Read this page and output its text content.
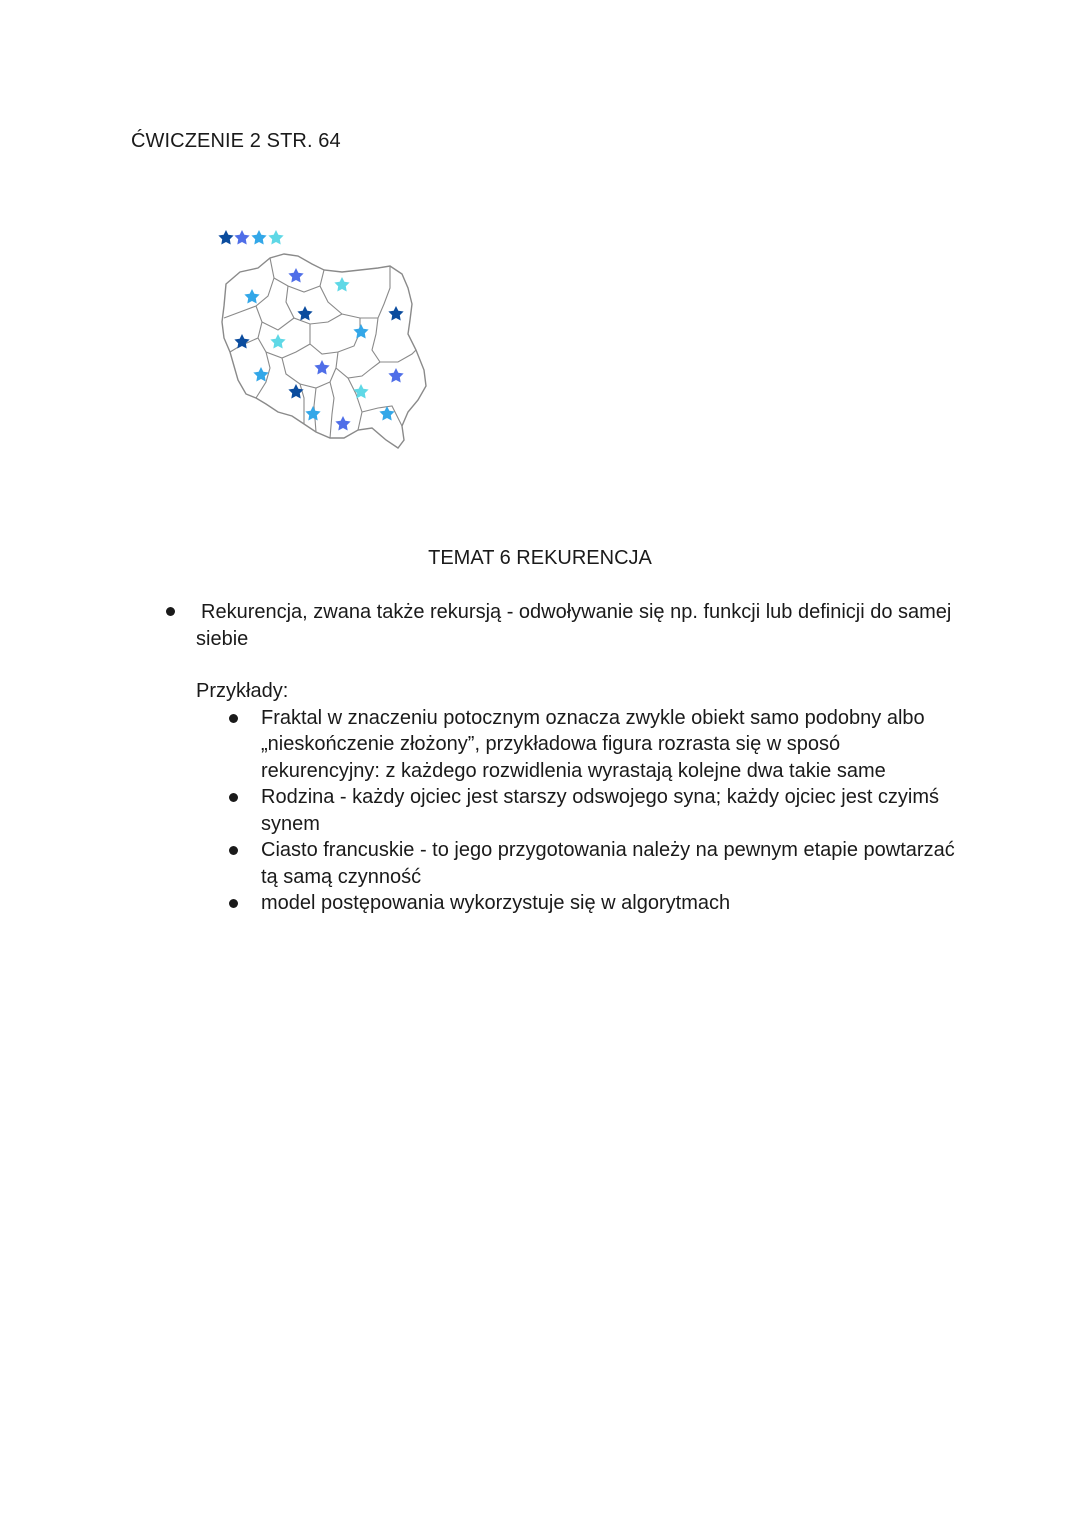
ĆWICZENIE 2 STR. 64
TEMAT 6 REKURENCJA
Rekurencja, zwana także rekursją - odwoływanie się np. funkcji lub definicji do samej siebie
Przykłady:
Fraktal w znaczeniu potocznym oznacza zwykle obiekt samo podobny albo „nieskończenie złożony”, przykładowa figura rozrasta się w sposó rekurencyjny: z każdego rozwidlenia wyrastają kolejne dwa takie same
Rodzina - każdy ojciec jest starszy odswojego syna; każdy ojciec jest czyimś synem
Ciasto francuskie - to jego przygotowania należy na pewnym etapie powtarzać tą samą czynność
model postępowania wykorzystuje się w algorytmach
